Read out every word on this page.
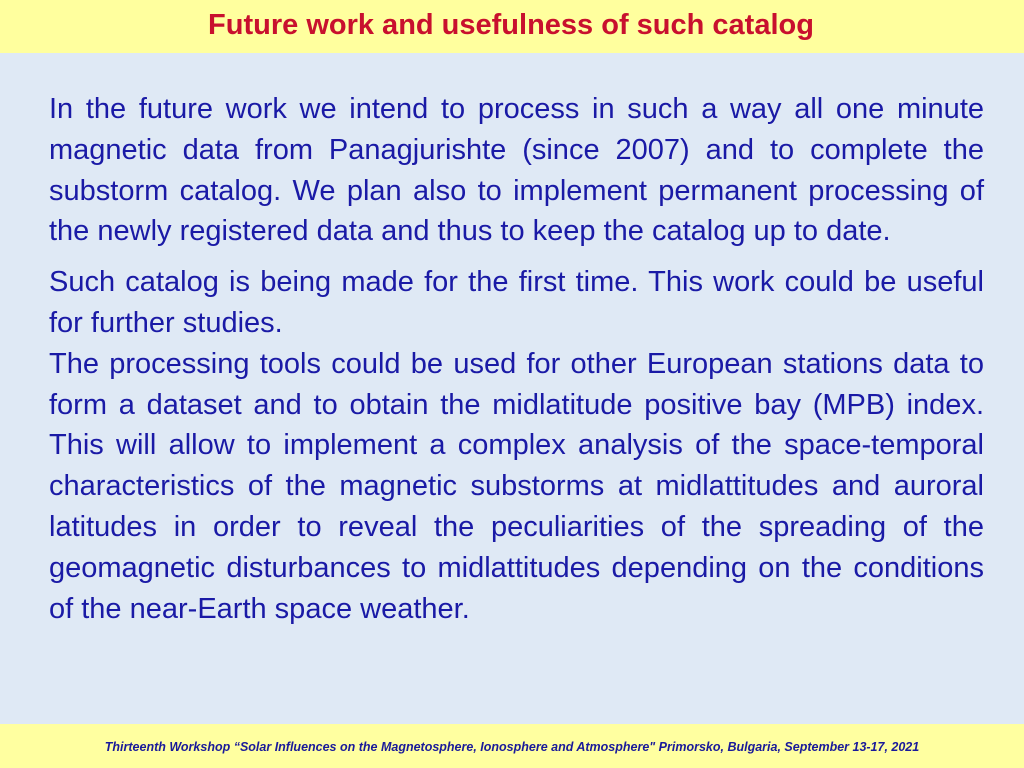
Future work and usefulness of such catalog

In the future work we intend to process in such a way all one minute magnetic data from Panagjurishte (since 2007) and to complete the substorm catalog. We plan also to implement permanent processing of the newly registered data and thus to keep the catalog up to date.

Such catalog is being made for the first time. This work could be useful for further studies.

The processing tools could be used for other European stations data to form a dataset and to obtain the midlatitude positive bay (MPB) index. This will allow to implement a complex analysis of the space-temporal characteristics of the magnetic substorms at midlattitudes and auroral latitudes in order to reveal the peculiarities of the spreading of the geomagnetic disturbances to midlattitudes depending on the conditions of the near-Earth space weather.

Thirteenth Workshop “Solar Influences on the Magnetosphere, Ionosphere and Atmosphere" Primorsko, Bulgaria, September 13-17, 2021
